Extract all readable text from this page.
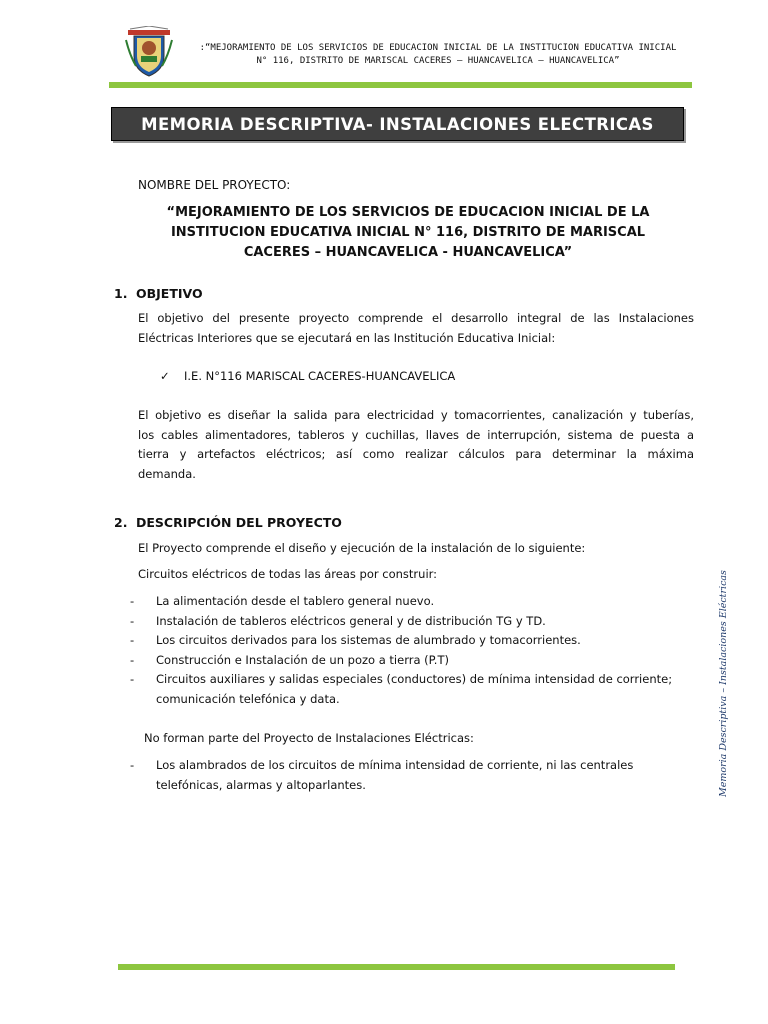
:“MEJORAMIENTO DE LOS SERVICIOS DE EDUCACION INICIAL DE LA INSTITUCION EDUCATIVA INICIAL
N° 116, DISTRITO DE MARISCAL CACERES – HUANCAVELICA – HUANCAVELICA”
MEMORIA DESCRIPTIVA- INSTALACIONES ELECTRICAS
NOMBRE DEL PROYECTO:
“MEJORAMIENTO DE LOS SERVICIOS DE EDUCACION INICIAL DE LA
INSTITUCION EDUCATIVA INICIAL N° 116, DISTRITO DE MARISCAL
CACERES – HUANCAVELICA - HUANCAVELICA”
1. OBJETIVO
El objetivo del presente proyecto comprende el desarrollo integral de las Instalaciones
Eléctricas Interiores que se ejecutará en las Institución Educativa Inicial:
✓ I.E. N°116 MARISCAL CACERES-HUANCAVELICA
El objetivo es diseñar la salida para electricidad y tomacorrientes, canalización y tuberías,
los cables alimentadores, tableros y cuchillas, llaves de interrupción, sistema de puesta a
tierra y artefactos eléctricos; así como realizar cálculos para determinar la máxima
demanda.
2. DESCRIPCIÓN DEL PROYECTO
El Proyecto comprende el diseño y ejecución de la instalación de lo siguiente:
Circuitos eléctricos de todas las áreas por construir:
- La alimentación desde el tablero general nuevo.
- Instalación de tableros eléctricos general y de distribución TG y TD.
- Los circuitos derivados para los sistemas de alumbrado y tomacorrientes.
- Construcción e Instalación de un pozo a tierra (P.T)
- Circuitos auxiliares y salidas especiales (conductores) de mínima intensidad de corriente;
comunicación telefónica y data.
No forman parte del Proyecto de Instalaciones Eléctricas:
- Los alambrados de los circuitos de mínima intensidad de corriente, ni las centrales
telefónicas, alarmas y altoparlantes.	Memoria Descriptiva – Instalaciones Eléctricas
